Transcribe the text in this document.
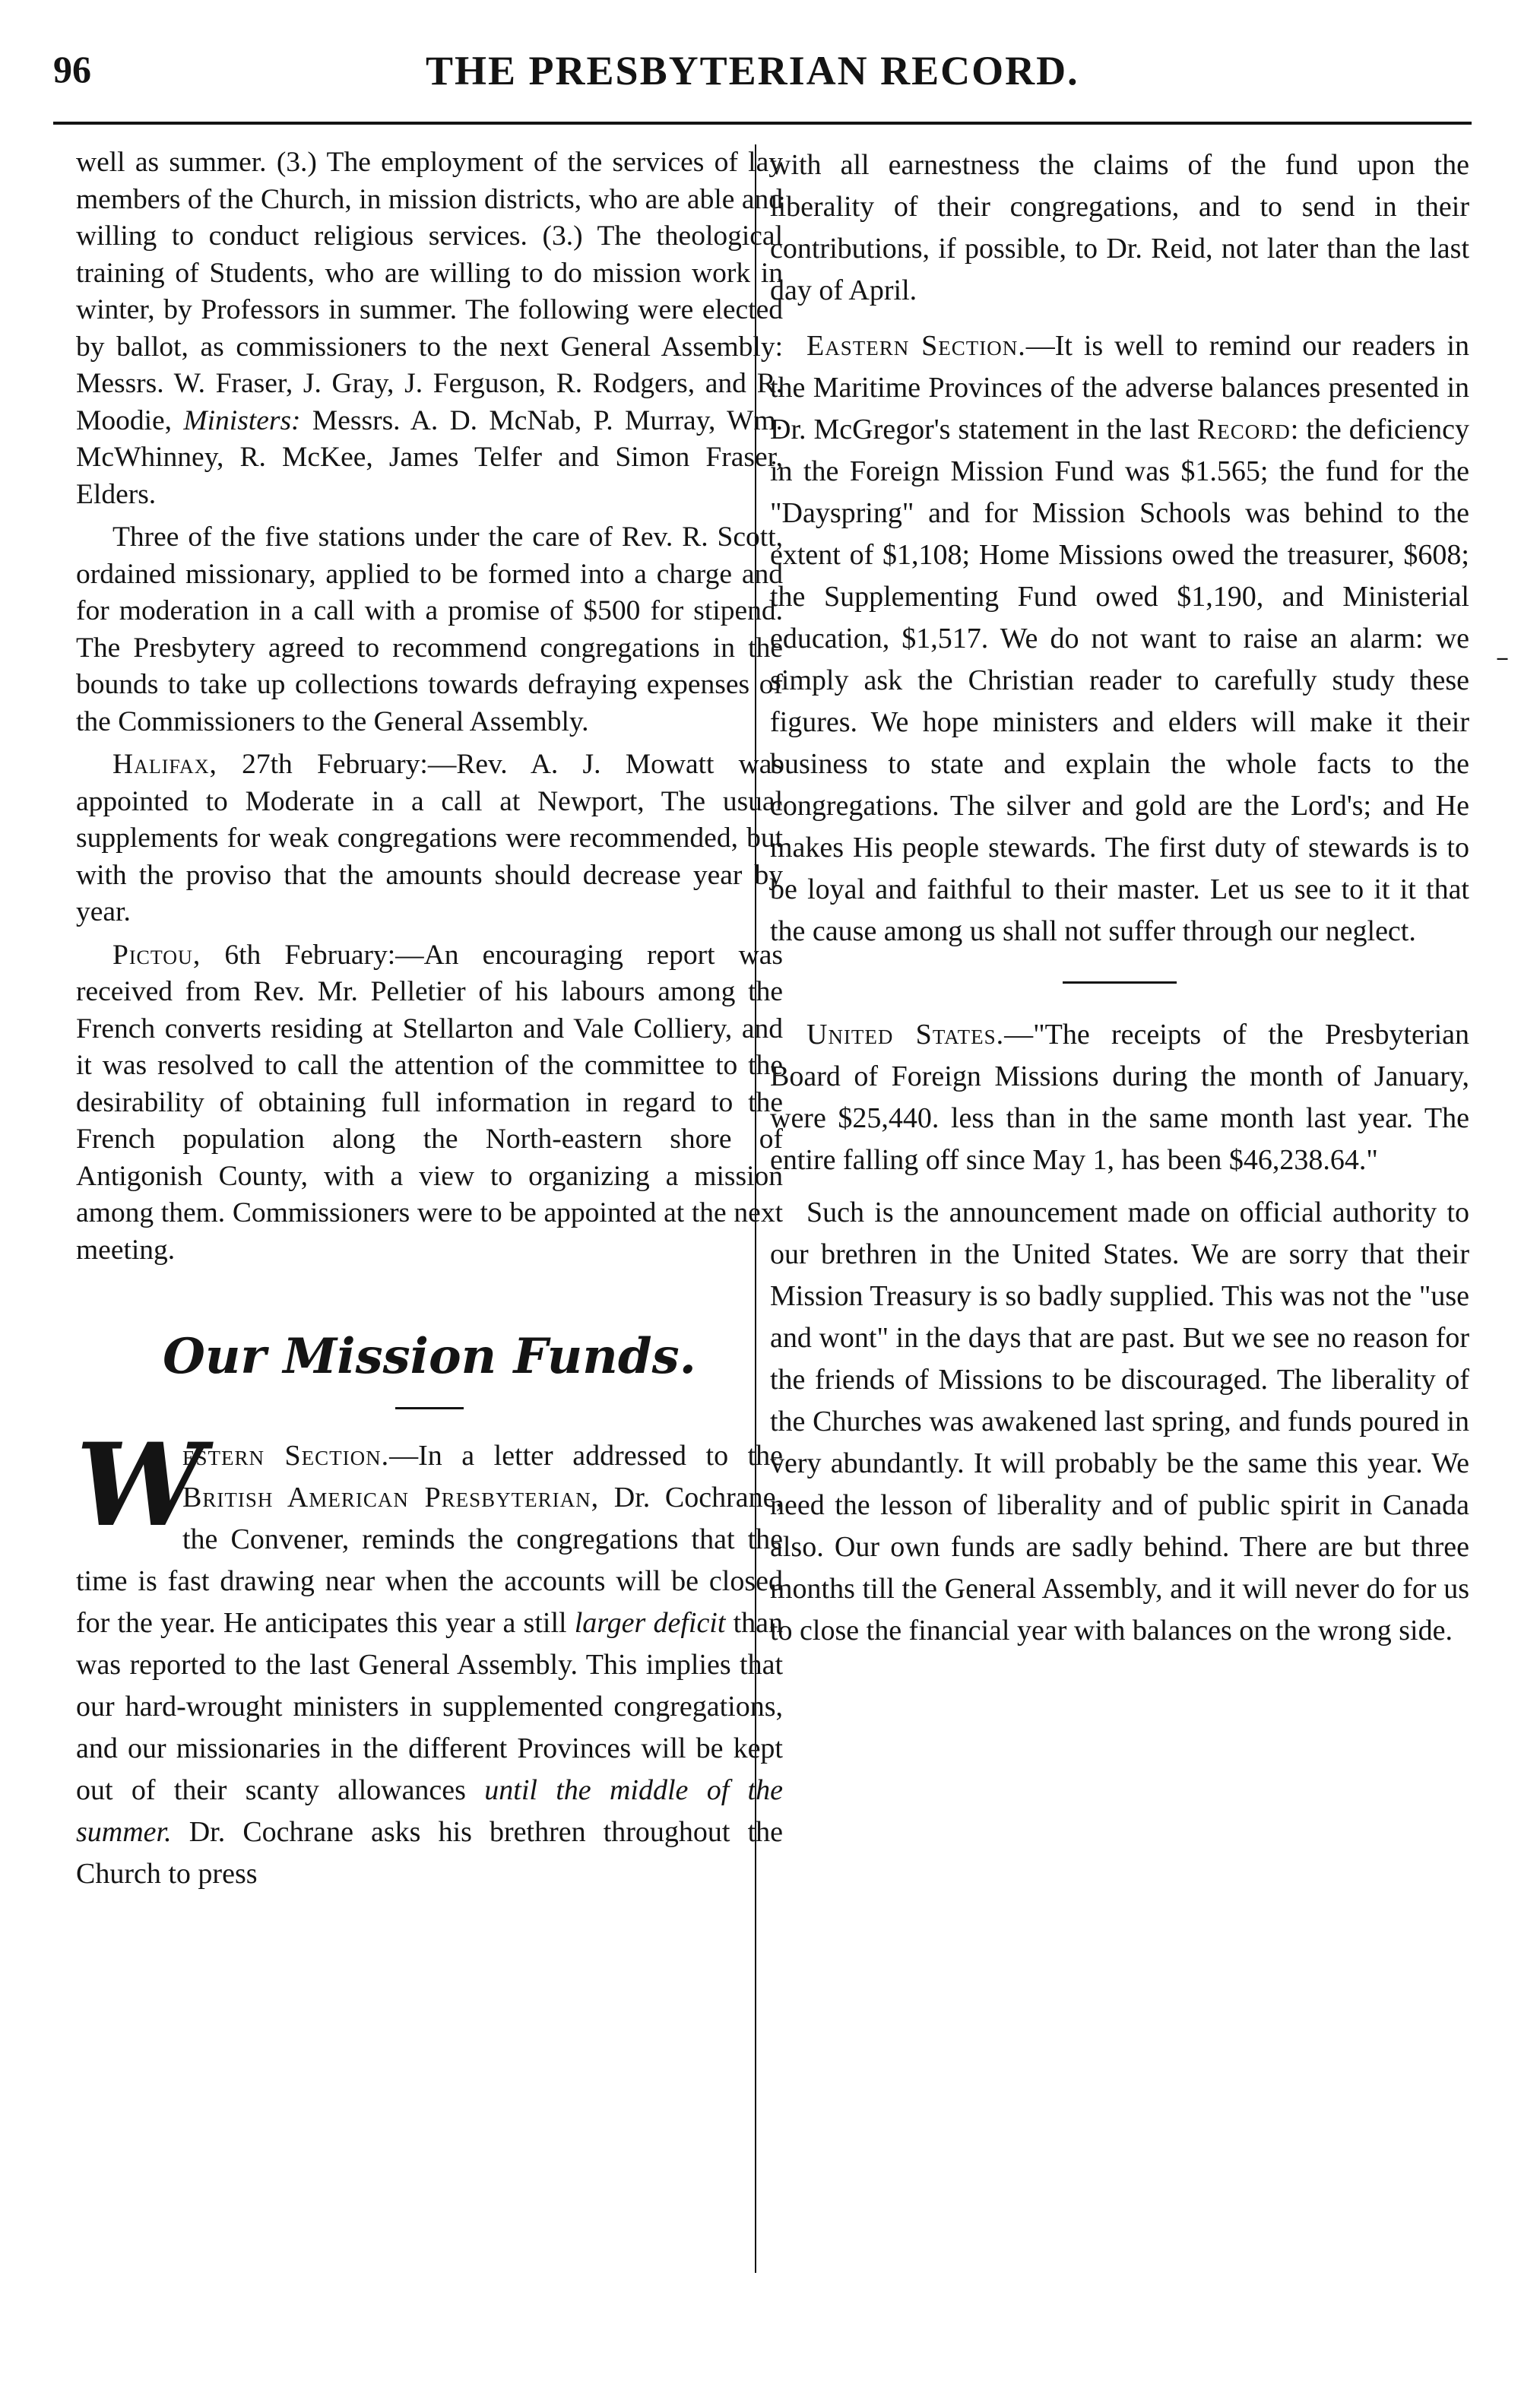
96	THE PRESBYTERIAN RECORD.

well as summer. (3.) The employment of the services of lay members of the Church, in mission districts, who are able and willing to conduct religious services. (3.) The theological training of Students, who are willing to do mission work in winter, by Professors in summer. The following were elected by ballot, as commissioners to the next General Assembly: Messrs. W. Fraser, J. Gray, J. Ferguson, R. Rodgers, and R. Moodie, Ministers: Messrs. A. D. McNab, P. Murray, Wm. McWhinney, R. McKee, James Telfer and Simon Fraser, Elders.

Three of the five stations under the care of Rev. R. Scott, ordained missionary, applied to be formed into a charge and for moderation in a call with a promise of $500 for stipend. The Presbytery agreed to recommend congregations in the bounds to take up collections towards defraying expenses of the Commissioners to the General Assembly.

Halifax, 27th February:—Rev. A. J. Mowatt was appointed to Moderate in a call at Newport, The usual supplements for weak congregations were recommended, but with the proviso that the amounts should decrease year by year.

Pictou, 6th February:—An encouraging report was received from Rev. Mr. Pelletier of his labours among the French converts residing at Stellarton and Vale Colliery, and it was resolved to call the attention of the committee to the desirability of obtaining full information in regard to the French population along the North-eastern shore of Antigonish County, with a view to organizing a mission among them. Commissioners were to be appointed at the next meeting.

Our Mission Funds.

W
estern Section.—In a letter addressed to the British American Presbyterian, Dr. Cochrane, the Convener, reminds the congregations that the time is fast drawing near when the accounts will be closed for the year. He anticipates this year a still larger deficit than was reported to the last General Assembly. This implies that our hard-wrought ministers in supplemented congregations, and our missionaries in the different Provinces will be kept out of their scanty allowances until the middle of the summer. Dr. Cochrane asks his brethren throughout the Church to press

with all earnestness the claims of the fund upon the liberality of their congregations, and to send in their contributions, if possible, to Dr. Reid, not later than the last day of April.

Eastern Section.—It is well to remind our readers in the Maritime Provinces of the adverse balances presented in Dr. McGregor's statement in the last Record: the deficiency in the Foreign Mission Fund was $1.565; the fund for the "Dayspring" and for Mission Schools was behind to the extent of $1,108; Home Missions owed the treasurer, $608; the Supplementing Fund owed $1,190, and Ministerial education, $1,517. We do not want to raise an alarm: we simply ask the Christian reader to carefully study these figures. We hope ministers and elders will make it their business to state and explain the whole facts to the congregations. The silver and gold are the Lord's; and He makes His people stewards. The first duty of stewards is to be loyal and faithful to their master. Let us see to it it that the cause among us shall not suffer through our neglect.

United States.—"The receipts of the Presbyterian Board of Foreign Missions during the month of January, were $25,440. less than in the same month last year. The entire falling off since May 1, has been $46,238.64."

Such is the announcement made on official authority to our brethren in the United States. We are sorry that their Mission Treasury is so badly supplied. This was not the "use and wont" in the days that are past. But we see no reason for the friends of Missions to be discouraged. The liberality of the Churches was awakened last spring, and funds poured in very abundantly. It will probably be the same this year. We need the lesson of liberality and of public spirit in Canada also. Our own funds are sadly behind. There are but three months till the General Assembly, and it will never do for us to close the financial year with balances on the wrong side.

–
